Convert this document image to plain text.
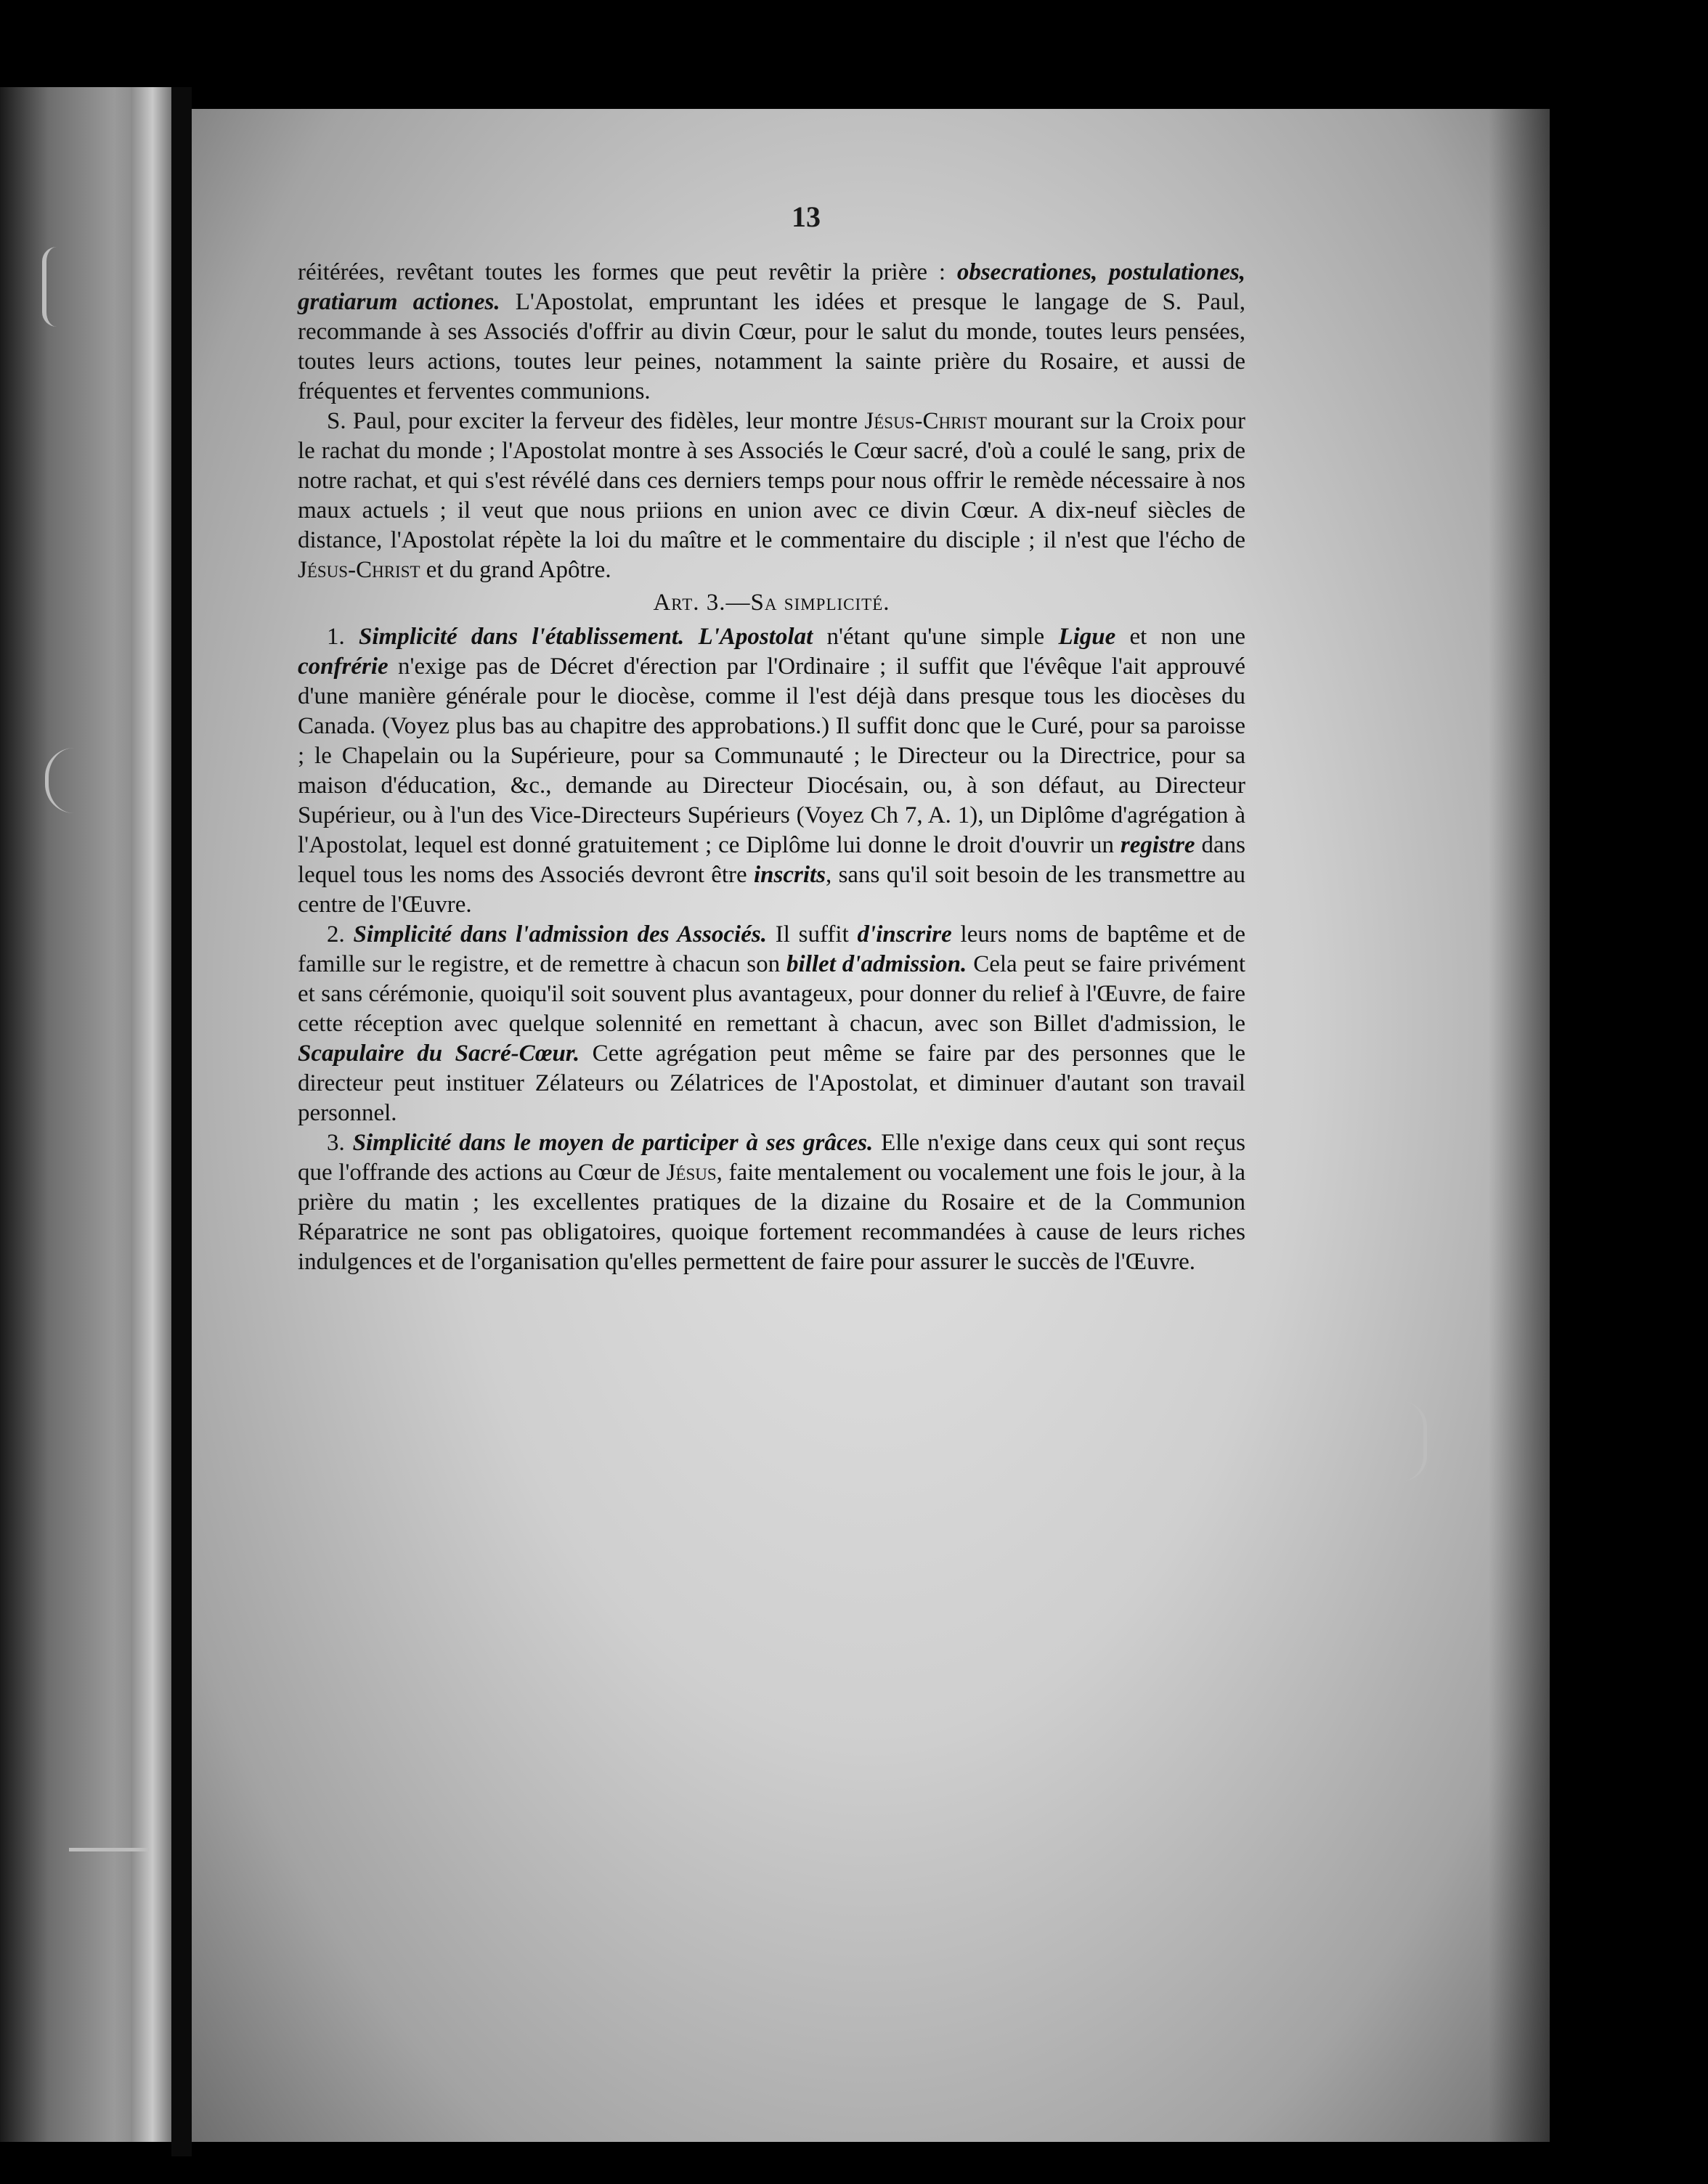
13

réitérées, revêtant toutes les formes que peut revêtir la prière : obsecrationes, postulationes, gratiarum actiones. L'Apostolat, empruntant les idées et presque le langage de S. Paul, recommande à ses Associés d'offrir au divin Cœur, pour le salut du monde, toutes leurs pensées, toutes leurs actions, toutes leur peines, notamment la sainte prière du Rosaire, et aussi de fréquentes et ferventes communions.

S. Paul, pour exciter la ferveur des fidèles, leur montre Jésus-Christ mourant sur la Croix pour le rachat du monde ; l'Apostolat montre à ses Associés le Cœur sacré, d'où a coulé le sang, prix de notre rachat, et qui s'est révélé dans ces derniers temps pour nous offrir le remède nécessaire à nos maux actuels ; il veut que nous priions en union avec ce divin Cœur. A dix-neuf siècles de distance, l'Apostolat répète la loi du maître et le commentaire du disciple ; il n'est que l'écho de Jésus-Christ et du grand Apôtre.

Art. 3.—Sa simplicité.

1. Simplicité dans l'établissement. L'Apostolat n'étant qu'une simple Ligue et non une confrérie n'exige pas de Décret d'érection par l'Ordinaire ; il suffit que l'évêque l'ait approuvé d'une manière générale pour le diocèse, comme il l'est déjà dans presque tous les diocèses du Canada. (Voyez plus bas au chapitre des approbations.) Il suffit donc que le Curé, pour sa paroisse ; le Chapelain ou la Supérieure, pour sa Communauté ; le Directeur ou la Directrice, pour sa maison d'éducation, &c., demande au Directeur Diocésain, ou, à son défaut, au Directeur Supérieur, ou à l'un des Vice-Directeurs Supérieurs (Voyez Ch 7, A. 1), un Diplôme d'agrégation à l'Apostolat, lequel est donné gratuitement ; ce Diplôme lui donne le droit d'ouvrir un registre dans lequel tous les noms des Associés devront être inscrits, sans qu'il soit besoin de les transmettre au centre de l'Œuvre.

2. Simplicité dans l'admission des Associés. Il suffit d'inscrire leurs noms de baptême et de famille sur le registre, et de remettre à chacun son billet d'admission. Cela peut se faire privément et sans cérémonie, quoiqu'il soit souvent plus avantageux, pour donner du relief à l'Œuvre, de faire cette réception avec quelque solennité en remettant à chacun, avec son Billet d'admission, le Scapulaire du Sacré-Cœur. Cette agrégation peut même se faire par des personnes que le directeur peut instituer Zélateurs ou Zélatrices de l'Apostolat, et diminuer d'autant son travail personnel.

3. Simplicité dans le moyen de participer à ses grâces. Elle n'exige dans ceux qui sont reçus que l'offrande des actions au Cœur de Jésus, faite mentalement ou vocalement une fois le jour, à la prière du matin ; les excellentes pratiques de la dizaine du Rosaire et de la Communion Réparatrice ne sont pas obligatoires, quoique fortement recommandées à cause de leurs riches indulgences et de l'organisation qu'elles permettent de faire pour assurer le succès de l'Œuvre.
